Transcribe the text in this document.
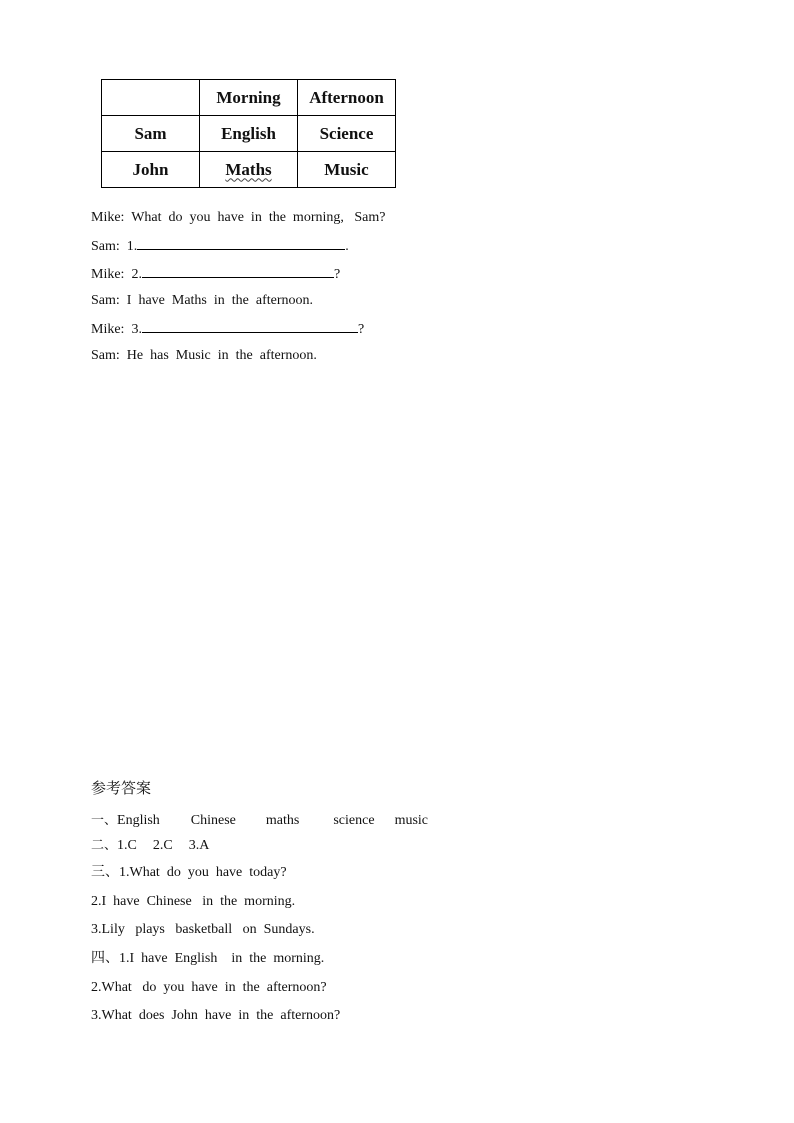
	Morning	Afternoon
Sam	English	Science
John	Maths	Music
Mike:  What  do  you  have  in  the  morning,   Sam?
Sam:  1.	.
Mike:  2.	?
Sam:  I  have  Maths  in  the  afternoon.
Mike:  3.	?
Sam:  He  has  Music  in  the  afternoon.
参考答案
一、English Chinese maths science music
二、1.C 2.C 3.A
三、1.What  do  you  have  today?
2.I  have  Chinese   in  the  morning.
3.Lily   plays   basketball   on  Sundays.
四、1.I  have  English    in  the  morning.
2.What   do  you  have  in  the  afternoon?
3.What  does  John  have  in  the  afternoon?
